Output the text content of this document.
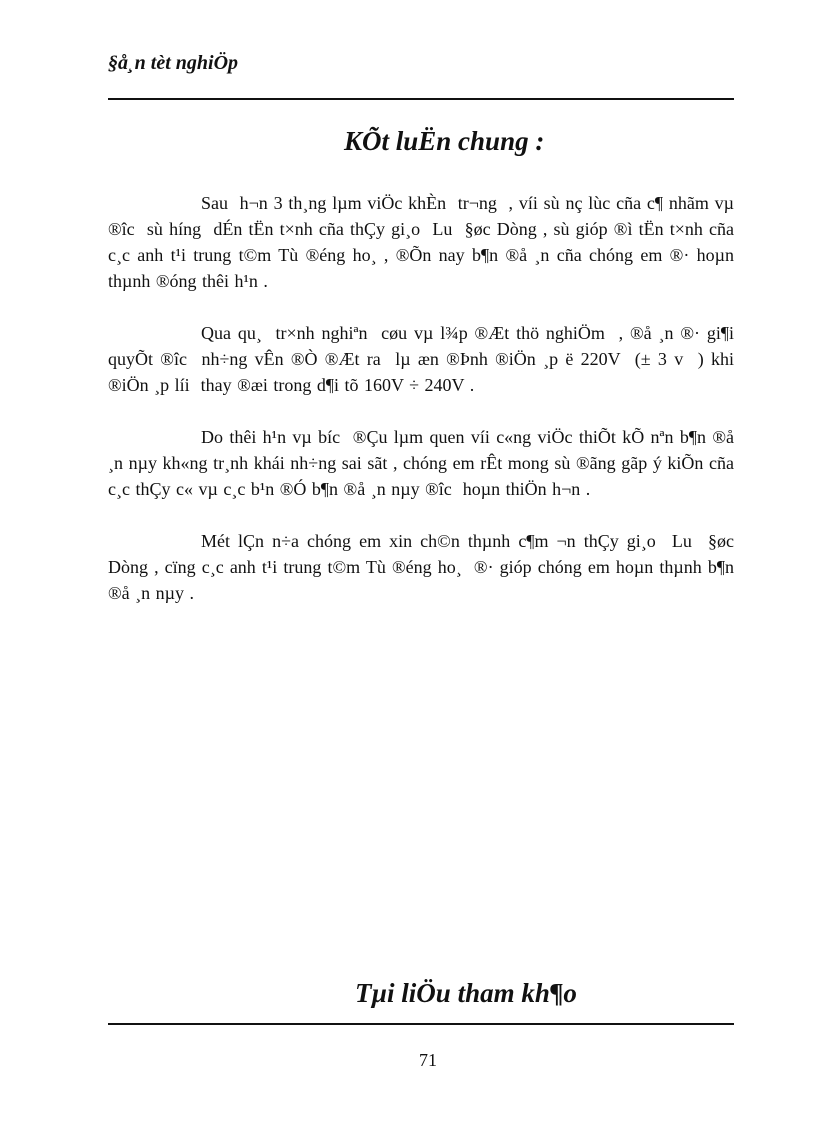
§å¸n tèt nghiÖp
KÕt luËn chung :

Sau  h¬n 3 th¸ng lµm viÖc khÈn  tr¬ng  , víi sù nç lùc cña c¶ nhãm vµ ®îc  sù híng  dÉn tËn t×nh cña thÇy gi¸o  Lu  §øc Dòng , sù gióp ®ì tËn t×nh cña c¸c anh t¹i trung t©m Tù ®éng ho¸ , ®Õn nay b¶n ®å ¸n cña chóng em ®· hoµn thµnh ®óng thêi h¹n .

Qua qu¸  tr×nh nghiªn  cøu vµ l¾p ®Æt thö nghiÖm  , ®å ¸n ®· gi¶i quyÕt ®îc  nh÷ng vÊn ®Ò ®Æt ra  lµ æn ®Þnh ®iÖn ¸p ë 220V  (± 3 v  ) khi ®iÖn ¸p líi  thay ®æi trong d¶i tõ 160V ÷ 240V .

Do thêi h¹n vµ bíc  ®Çu lµm quen víi c«ng viÖc thiÕt kÕ nªn b¶n ®å ¸n nµy kh«ng tr¸nh khái nh÷ng sai sãt , chóng em rÊt mong sù ®ãng gãp ý kiÕn cña c¸c thÇy c« vµ c¸c b¹n ®Ó b¶n ®å ¸n nµy ®îc  hoµn thiÖn h¬n .

Mét lÇn n÷a chóng em xin ch©n thµnh c¶m ¬n thÇy gi¸o  Lu  §øc Dòng , cïng c¸c anh t¹i trung t©m Tù ®éng ho¸  ®· gióp chóng em hoµn thµnh b¶n ®å ¸n nµy .

Tµi liÖu tham kh¶o
71
